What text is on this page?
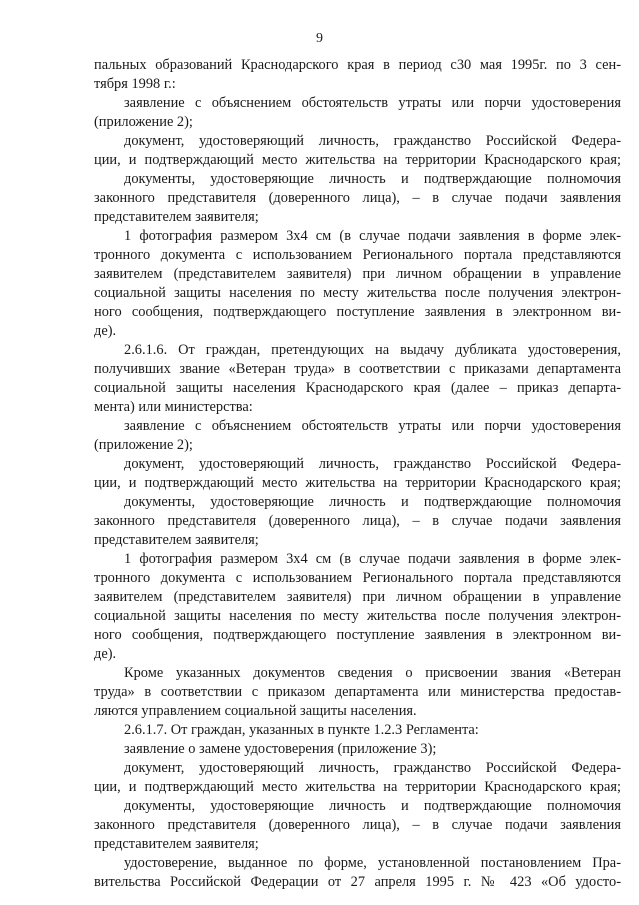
9
пальных образований Краснодарского края в период с30 мая 1995г. по 3 сен-
тября 1998 г.:
заявление с объяснением обстоятельств утраты или порчи удостоверения
(приложение 2);
документ, удостоверяющий личность, гражданство Российской Федера-
ции, и подтверждающий место жительства на территории Краснодарского края;
документы, удостоверяющие личность и подтверждающие полномочия
законного представителя (доверенного лица), – в случае подачи заявления
представителем заявителя;
1 фотография размером 3х4 см (в случае подачи заявления в форме элек-
тронного документа с использованием Регионального портала представляются
заявителем (представителем заявителя) при личном обращении в управление
социальной защиты населения по месту жительства после получения электрон-
ного сообщения, подтверждающего поступление заявления в электронном ви-
де).
2.6.1.6. От граждан, претендующих на выдачу дубликата удостоверения,
получивших звание «Ветеран труда» в соответствии с приказами департамента
социальной защиты населения Краснодарского края (далее – приказ департа-
мента) или министерства:
заявление с объяснением обстоятельств утраты или порчи удостоверения
(приложение 2);
документ, удостоверяющий личность, гражданство Российской Федера-
ции, и подтверждающий место жительства на территории Краснодарского края;
документы, удостоверяющие личность и подтверждающие полномочия
законного представителя (доверенного лица), – в случае подачи заявления
представителем заявителя;
1 фотография размером 3х4 см (в случае подачи заявления в форме элек-
тронного документа с использованием Регионального портала представляются
заявителем (представителем заявителя) при личном обращении в управление
социальной защиты населения по месту жительства после получения электрон-
ного сообщения, подтверждающего поступление заявления в электронном ви-
де).
Кроме указанных документов сведения о присвоении звания «Ветеран
труда» в соответствии с приказом департамента или министерства предостав-
ляются управлением социальной защиты населения.
2.6.1.7. От граждан, указанных в пункте 1.2.3 Регламента:
заявление о замене удостоверения (приложение 3);
документ, удостоверяющий личность, гражданство Российской Федера-
ции, и подтверждающий место жительства на территории Краснодарского края;
документы, удостоверяющие личность и подтверждающие полномочия
законного представителя (доверенного лица), – в случае подачи заявления
представителем заявителя;
удостоверение, выданное по форме, установленной постановлением Пра-
вительства Российской Федерации от 27 апреля 1995 г. № 423 «Об удосто-
